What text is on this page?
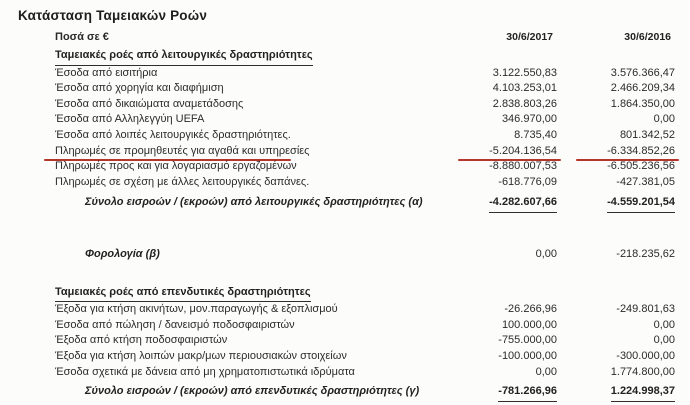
Κατάσταση Ταμειακών Ροών
Ποσά σε €	30/6/2017	30/6/2016
Ταμειακές ροές από λειτουργικές δραστηριότητες
Έσοδα από εισιτήρια	3.122.550,83	3.576.366,47
Έσοδα από χορηγία και διαφήμιση	4.103.253,01	2.466.209,34
Έσοδα από δικαιώματα αναμετάδοσης	2.838.803,26	1.864.350,00
Έσοδα από Αλληλεγγύη UEFA	346.970,00	0,00
Έσοδα από λοιπές λειτουργικές δραστηριότητες.	8.735,40	801.342,52
Πληρωμές σε προμηθευτές για αγαθά και υπηρεσίες	-5.204.136,54	-6.334.852,26
Πληρωμές προς και για λογαριασμό εργαζομένων	-8.880.007,53	-6.505.236,56
Πληρωμές σε σχέση με άλλες λειτουργικές δαπάνες.	-618.776,09	-427.381,05
Σύνολο εισροών / (εκροών) από λειτουργικές δραστηριότητες (α)	-4.282.607,66	-4.559.201,54
Φορολογία (β)	0,00	-218.235,62
Ταμειακές ροές από επενδυτικές δραστηριότητες
Έξοδα για κτήση ακινήτων, μον.παραγωγής & εξοπλισμού	-26.266,96	-249.801,63
Έσοδα από πώληση / δανεισμό ποδοσφαιριστών	100.000,00	0,00
Έξοδα από κτήση ποδοσφαιριστών	-755.000,00	0,00
Έξοδα για κτήση λοιπών μακρ/μων περιουσιακών στοιχείων	-100.000,00	-300.000,00
Έσοδα σχετικά με δάνεια από μη χρηματοπιστωτικά ιδρύματα	0,00	1.774.800,00
Σύνολο εισροών / (εκροών) από επενδυτικές δραστηριότητες (γ)	-781.266,96	1.224.998,37
